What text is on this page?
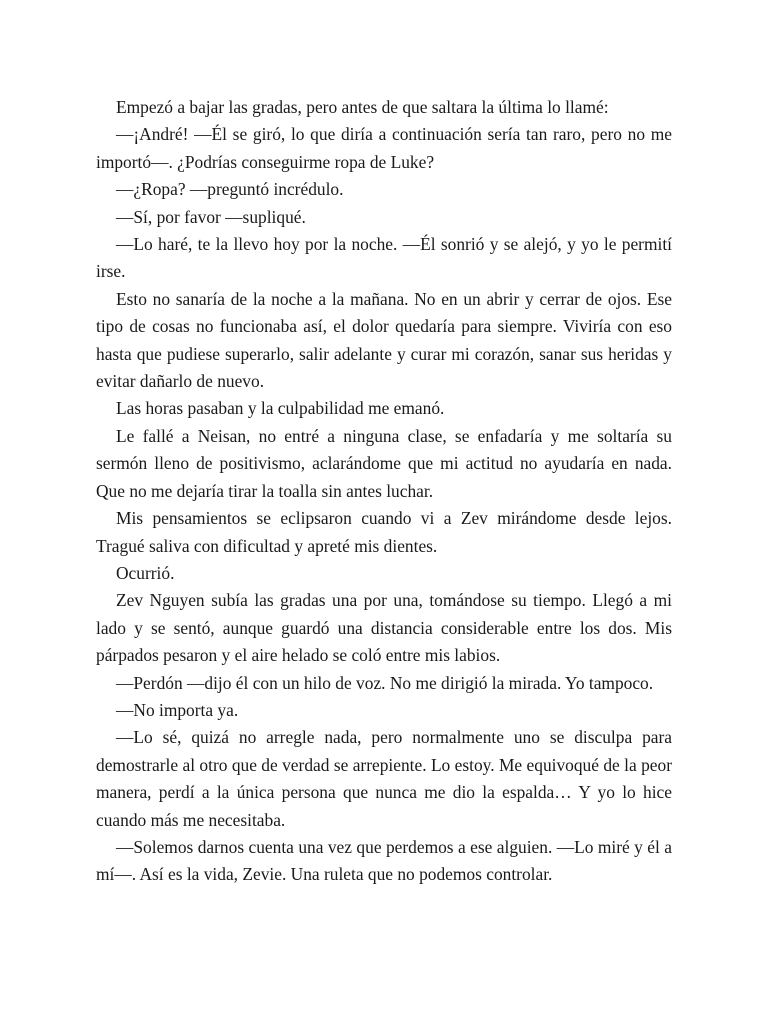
Empezó a bajar las gradas, pero antes de que saltara la última lo llamé:

—¡André! —Él se giró, lo que diría a continuación sería tan raro, pero no me importó—. ¿Podrías conseguirme ropa de Luke?

—¿Ropa? —preguntó incrédulo.

—Sí, por favor —supliqué.

—Lo haré, te la llevo hoy por la noche. —Él sonrió y se alejó, y yo le permití irse.

Esto no sanaría de la noche a la mañana. No en un abrir y cerrar de ojos. Ese tipo de cosas no funcionaba así, el dolor quedaría para siempre. Viviría con eso hasta que pudiese superarlo, salir adelante y curar mi corazón, sanar sus heridas y evitar dañarlo de nuevo.

Las horas pasaban y la culpabilidad me emanó.

Le fallé a Neisan, no entré a ninguna clase, se enfadaría y me soltaría su sermón lleno de positivismo, aclarándome que mi actitud no ayudaría en nada. Que no me dejaría tirar la toalla sin antes luchar.

Mis pensamientos se eclipsaron cuando vi a Zev mirándome desde lejos. Tragué saliva con dificultad y apreté mis dientes.

Ocurrió.

Zev Nguyen subía las gradas una por una, tomándose su tiempo. Llegó a mi lado y se sentó, aunque guardó una distancia considerable entre los dos. Mis párpados pesaron y el aire helado se coló entre mis labios.

—Perdón —dijo él con un hilo de voz. No me dirigió la mirada. Yo tampoco.

—No importa ya.

—Lo sé, quizá no arregle nada, pero normalmente uno se disculpa para demostrarle al otro que de verdad se arrepiente. Lo estoy. Me equivoqué de la peor manera, perdí a la única persona que nunca me dio la espalda… Y yo lo hice cuando más me necesitaba.

—Solemos darnos cuenta una vez que perdemos a ese alguien. —Lo miré y él a mí—. Así es la vida, Zevie. Una ruleta que no podemos controlar.
